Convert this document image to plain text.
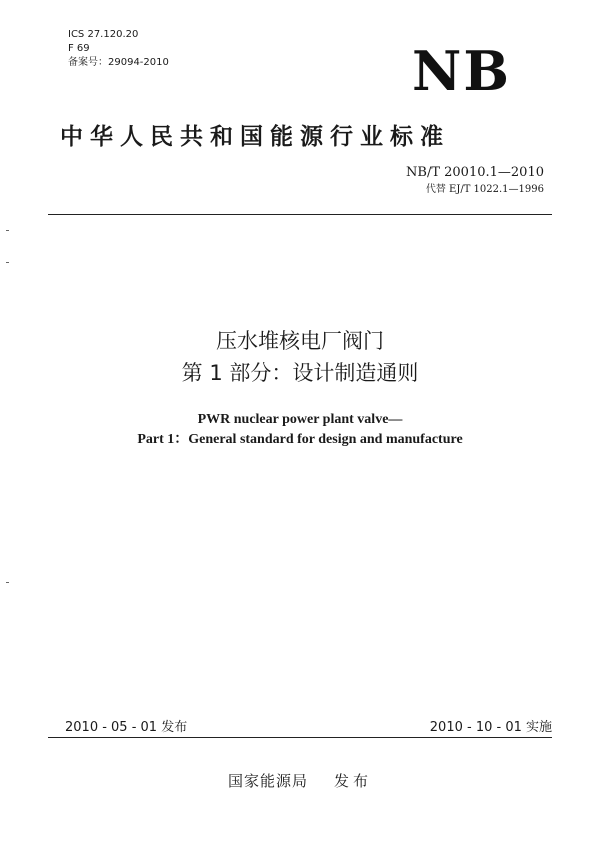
ICS 27.120.20
F 69
备案号：29094-2010	NB
中华人民共和国能源行业标准
NB/T 20010.1—2010
代替 EJ/T 1022.1—1996
压水堆核电厂阀门
第 1 部分：设计制造通则
PWR nuclear power plant valve—
Part 1：General standard for design and manufacture
2010 - 05 - 01 发布	2010 - 10 - 01 实施
国家能源局 发布
